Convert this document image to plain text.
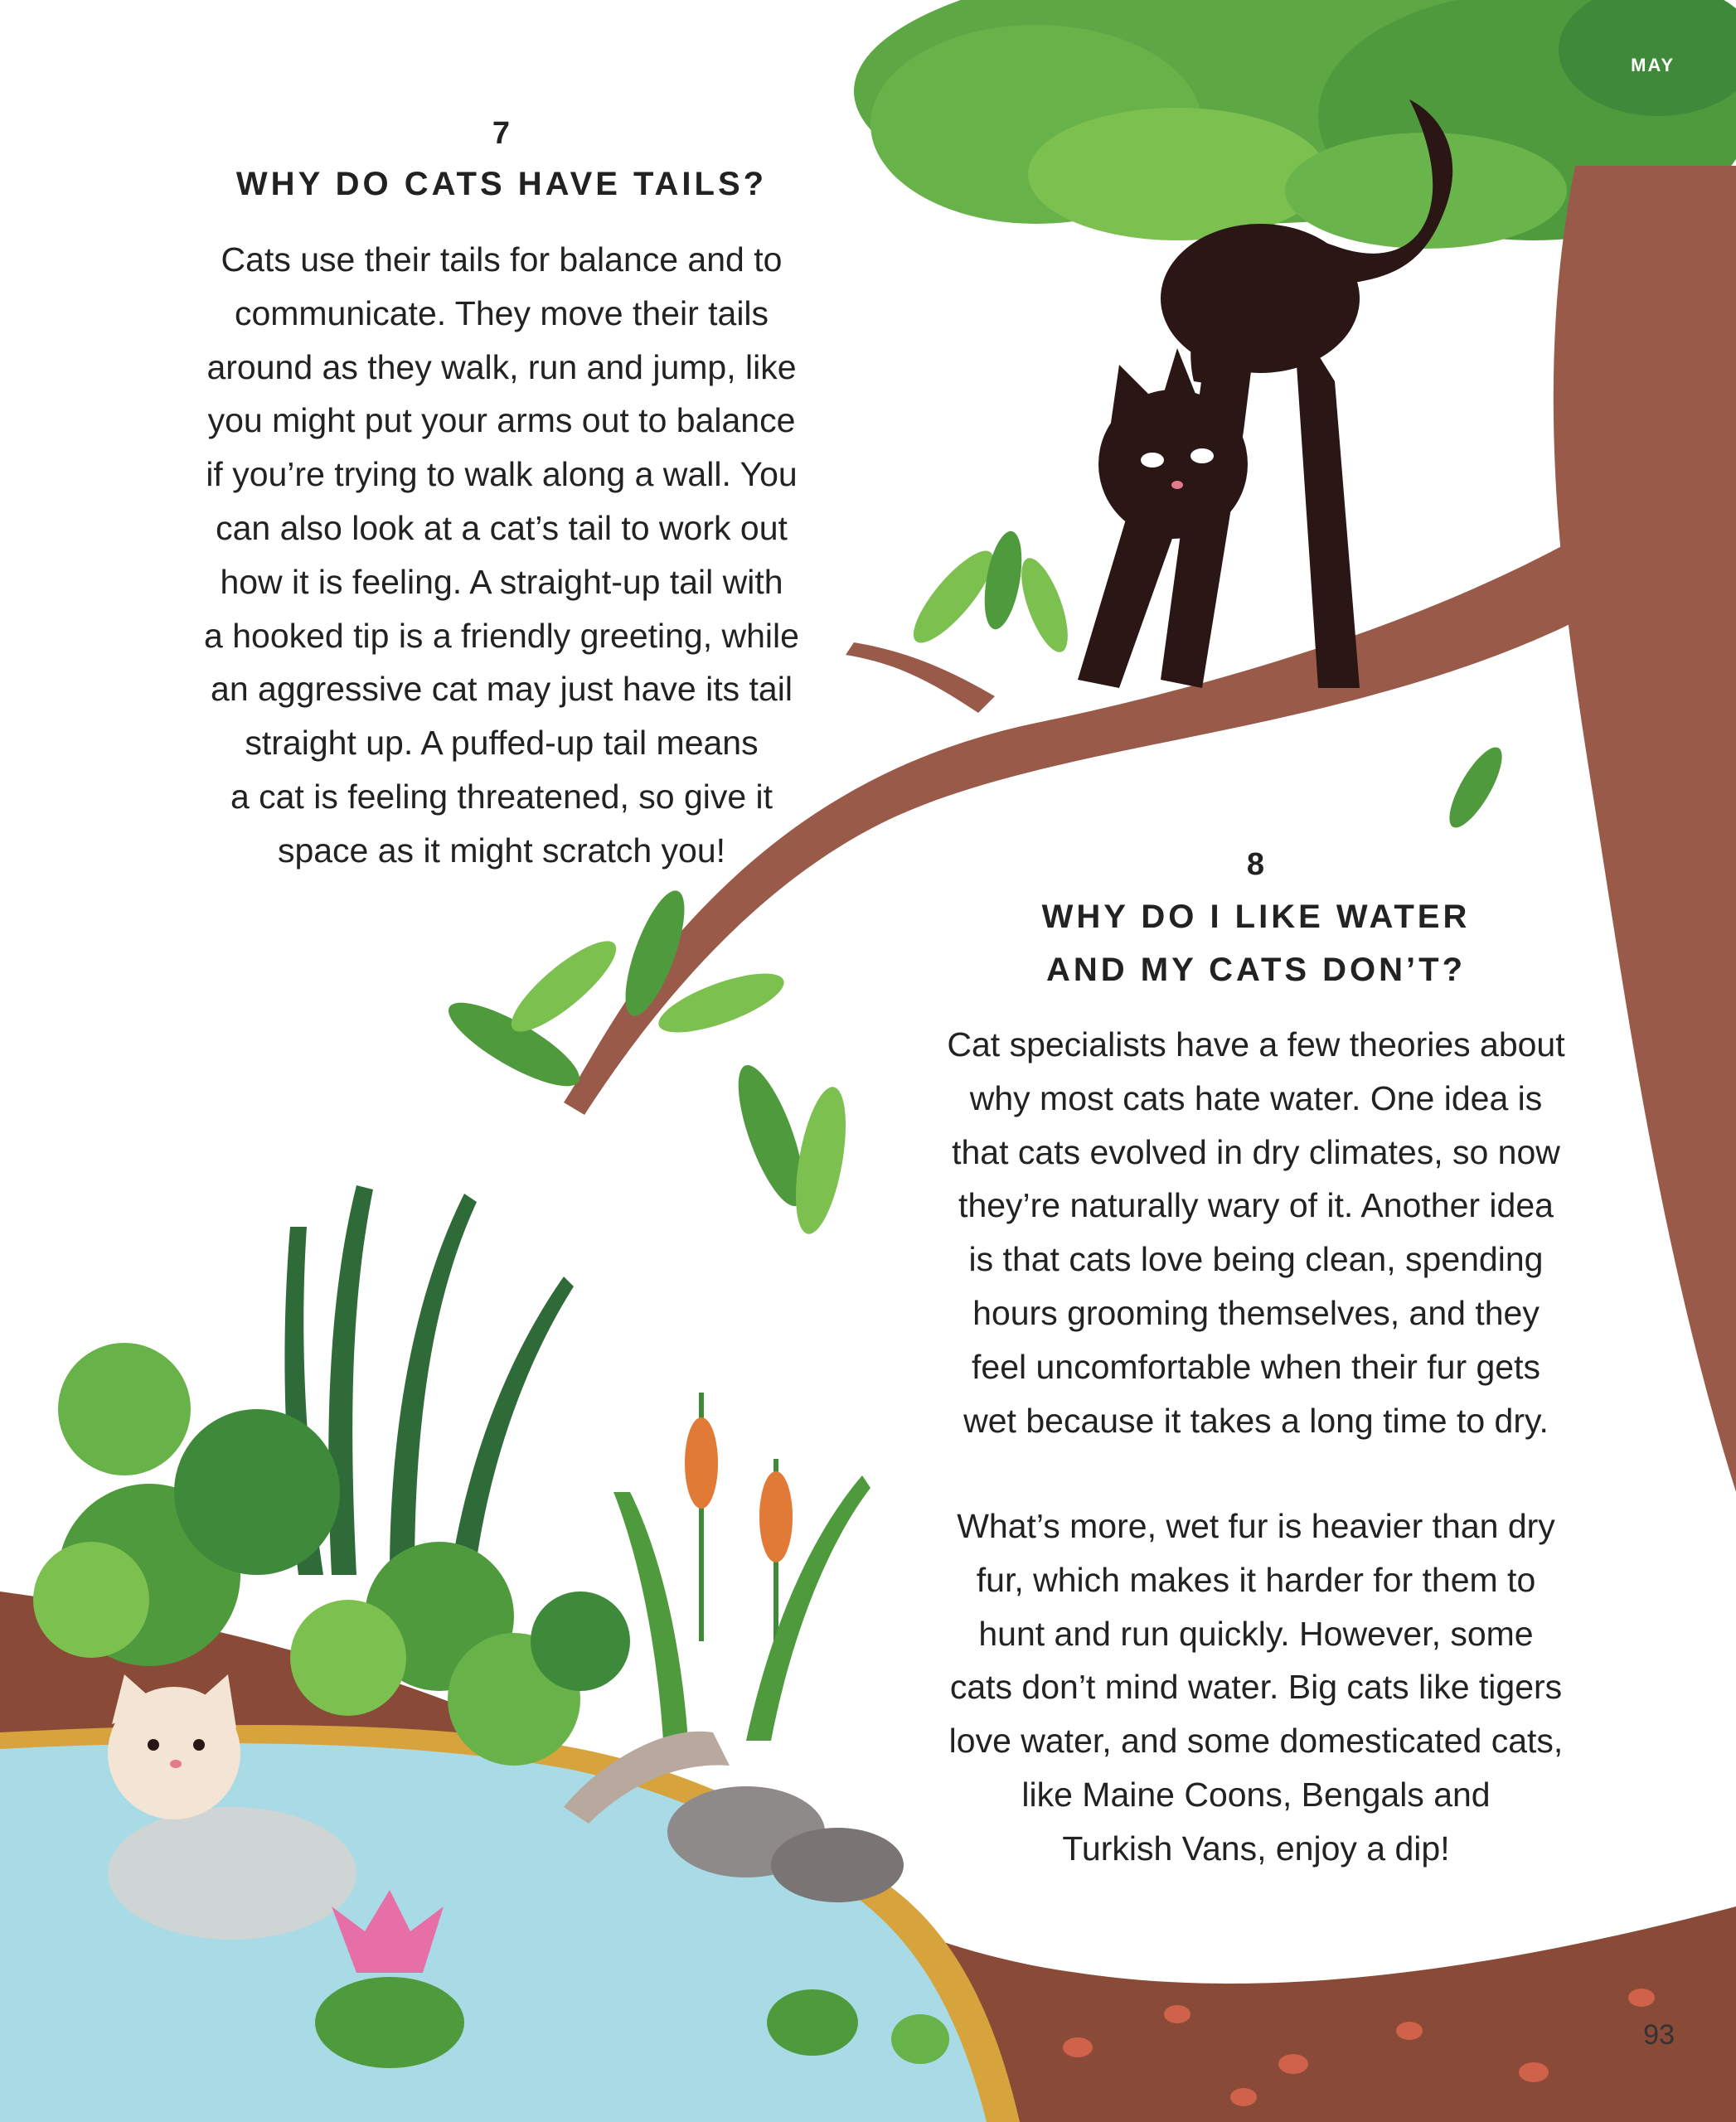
MAY
7
WHY DO CATS HAVE TAILS?
Cats use their tails for balance and to
communicate. They move their tails
around as they walk, run and jump, like
you might put your arms out to balance
if you’re trying to walk along a wall. You
can also look at a cat’s tail to work out
how it is feeling. A straight-up tail with
a hooked tip is a friendly greeting, while
an aggressive cat may just have its tail
straight up. A puffed-up tail means
a cat is feeling threatened, so give it
space as it might scratch you!	8
WHY DO I LIKE WATER
AND MY CATS DON’T?
Cat specialists have a few theories about
why most cats hate water. One idea is
that cats evolved in dry climates, so now
they’re naturally wary of it. Another idea
is that cats love being clean, spending
hours grooming themselves, and they
feel uncomfortable when their fur gets
wet because it takes a long time to dry.
What’s more, wet fur is heavier than dry
fur, which makes it harder for them to
hunt and run quickly. However, some
cats don’t mind water. Big cats like tigers
love water, and some domesticated cats,
like Maine Coons, Bengals and
Turkish Vans, enjoy a dip!
93
